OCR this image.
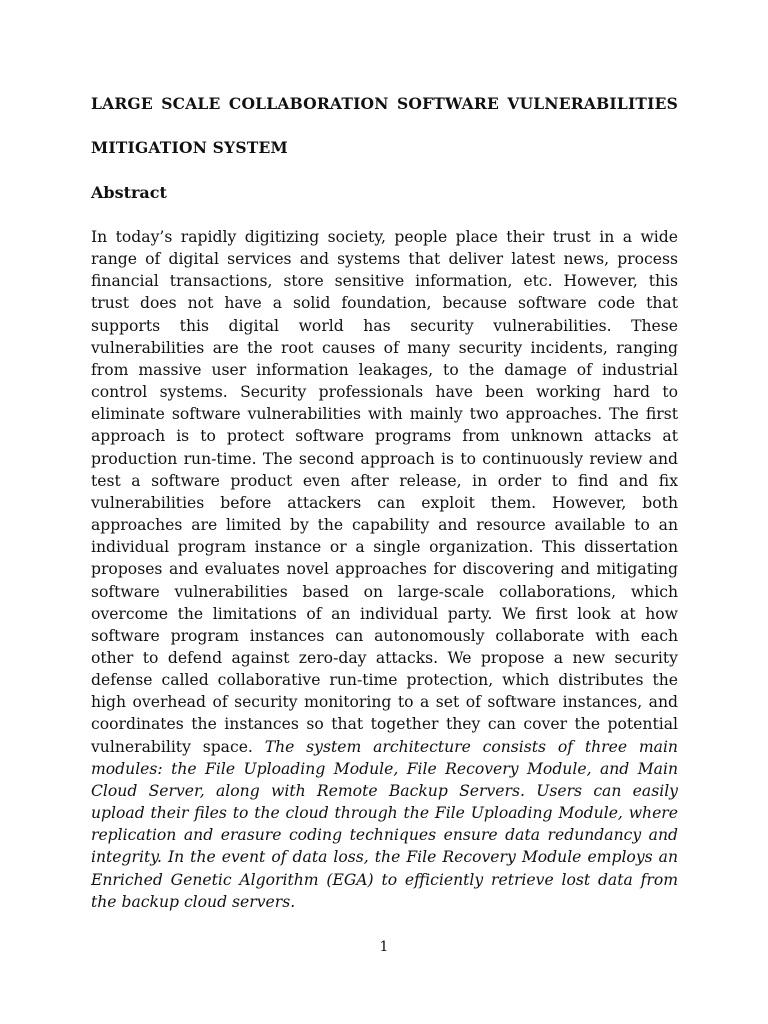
LARGE SCALE COLLABORATION SOFTWARE VULNERABILITIES
MITIGATION SYSTEM
Abstract

In today’s rapidly digitizing society, people place their trust in a wide range of digital services and systems that deliver latest news, process financial transactions, store sensitive information, etc. However, this trust does not have a solid foundation, because software code that supports this digital world has security vulnerabilities. These vulnerabilities are the root causes of many security incidents, ranging from massive user information leakages, to the damage of industrial control systems. Security professionals have been working hard to eliminate software vulnerabilities with mainly two approaches. The first approach is to protect software programs from unknown attacks at production run-time. The second approach is to continuously review and test a software product even after release, in order to find and fix vulnerabilities before attackers can exploit them. However, both approaches are limited by the capability and resource available to an individual program instance or a single organization. This dissertation proposes and evaluates novel approaches for discovering and mitigating software vulnerabilities based on large-scale collaborations, which overcome the limitations of an individual party. We first look at how software program instances can autonomously collaborate with each other to defend against zero-day attacks. We propose a new security defense called collaborative run-time protection, which distributes the high overhead of security monitoring to a set of software instances, and coordinates the instances so that together they can cover the potential vulnerability space. The system architecture consists of three main modules: the File Uploading Module, File Recovery Module, and Main Cloud Server, along with Remote Backup Servers. Users can easily upload their files to the cloud through the File Uploading Module, where replication and erasure coding techniques ensure data redundancy and integrity. In the event of data loss, the File Recovery Module employs an Enriched Genetic Algorithm (EGA) to efficiently retrieve lost data from the backup cloud servers.

1
